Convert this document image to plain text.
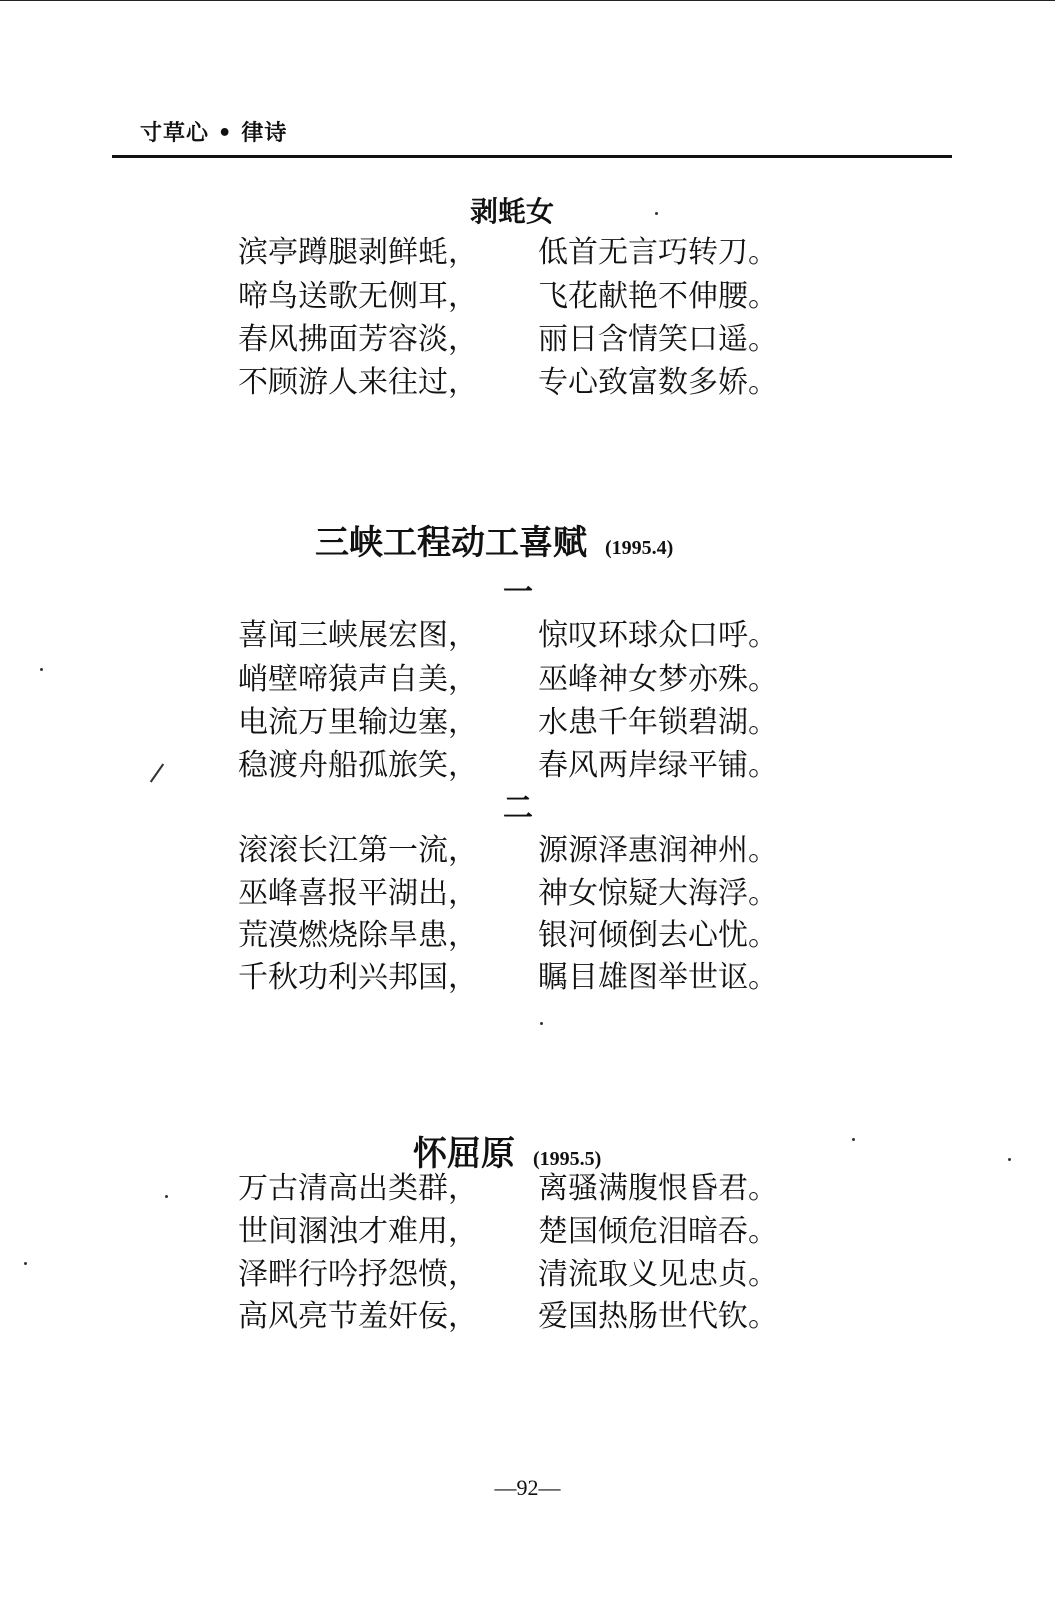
寸草心 • 律诗
剥蚝女
滨亭蹲腿剥鲜蚝， 低首无言巧转刀。
啼鸟送歌无侧耳， 飞花献艳不伸腰。
春风拂面芳容淡， 丽日含情笑口遥。
不顾游人来往过， 专心致富数多娇。
三峡工程动工喜赋 (1995.4)
一
喜闻三峡展宏图， 惊叹环球众口呼。
峭壁啼猿声自美， 巫峰神女梦亦殊。
电流万里输边塞， 水患千年锁碧湖。
稳渡舟船孤旅笑， 春风两岸绿平铺。
二
滚滚长江第一流， 源源泽惠润神州。
巫峰喜报平湖出， 神女惊疑大海浮。
荒漠燃烧除旱患， 银河倾倒去心忧。
千秋功利兴邦国， 瞩目雄图举世讴。
怀屈原 (1995.5)
万古清高出类群， 离骚满腹恨昏君。
世间溷浊才难用， 楚国倾危泪暗吞。
泽畔行吟抒怨愤， 清流取义见忠贞。
高风亮节羞奸佞， 爱国热肠世代钦。
—92—
